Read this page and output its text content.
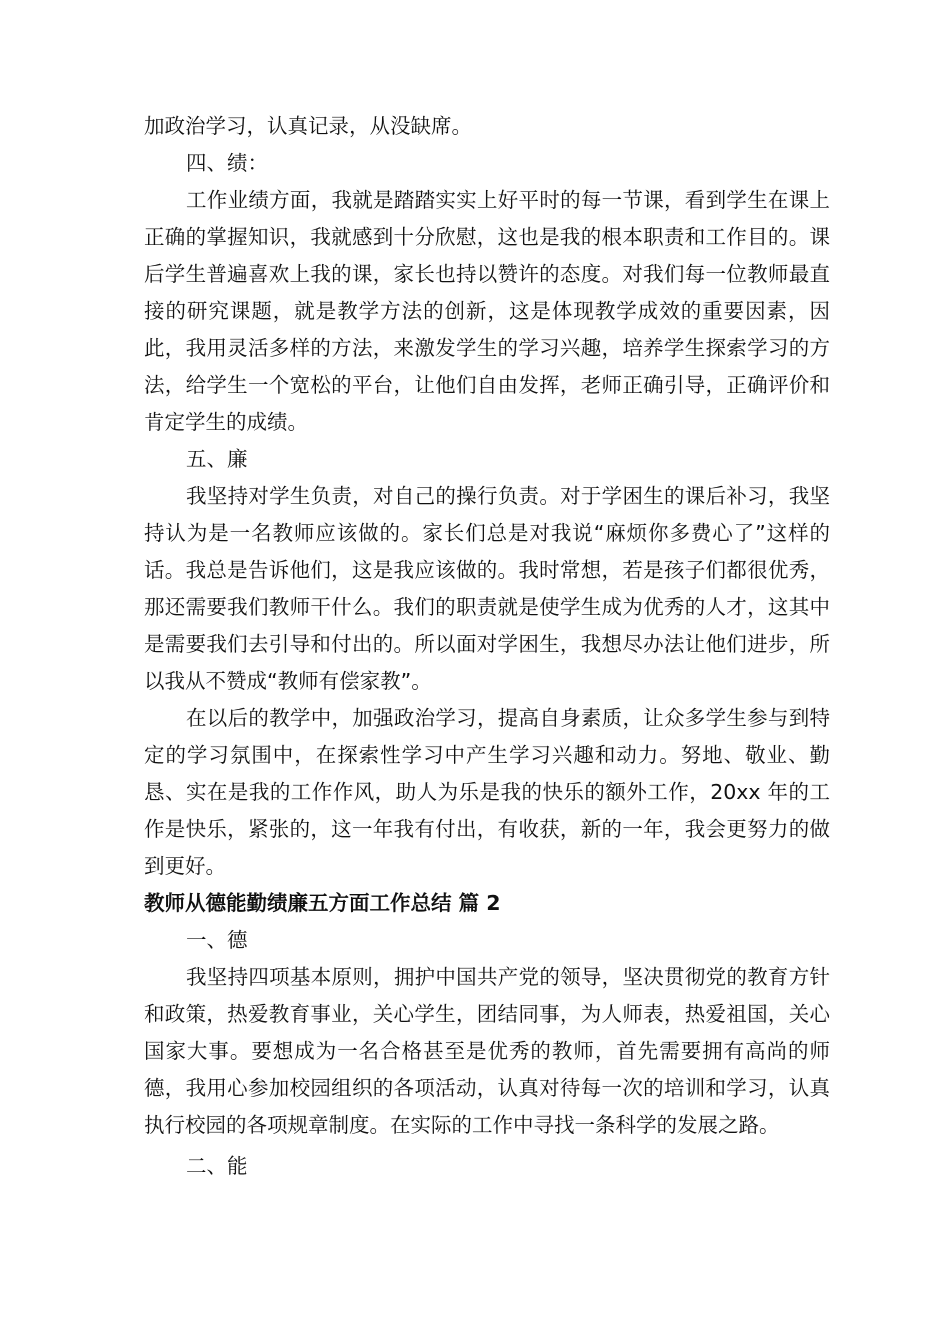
加政治学习，认真记录，从没缺席。

四、绩：

工作业绩方面，我就是踏踏实实上好平时的每一节课，看到学生在课上正确的掌握知识，我就感到十分欣慰，这也是我的根本职责和工作目的。课后学生普遍喜欢上我的课，家长也持以赞许的态度。对我们每一位教师最直接的研究课题，就是教学方法的创新，这是体现教学成效的重要因素，因此，我用灵活多样的方法，来激发学生的学习兴趣，培养学生探索学习的方法，给学生一个宽松的平台，让他们自由发挥，老师正确引导，正确评价和肯定学生的成绩。

五、廉

我坚持对学生负责，对自己的操行负责。对于学困生的课后补习，我坚持认为是一名教师应该做的。家长们总是对我说“麻烦你多费心了”这样的话。我总是告诉他们，这是我应该做的。我时常想，若是孩子们都很优秀，那还需要我们教师干什么。我们的职责就是使学生成为优秀的人才，这其中是需要我们去引导和付出的。所以面对学困生，我想尽办法让他们进步，所以我从不赞成“教师有偿家教”。

在以后的教学中，加强政治学习，提高自身素质，让众多学生参与到特定的学习氛围中，在探索性学习中产生学习兴趣和动力。努地、敬业、勤恳、实在是我的工作作风，助人为乐是我的快乐的额外工作，20xx 年的工作是快乐，紧张的，这一年我有付出，有收获，新的一年，我会更努力的做到更好。

教师从德能勤绩廉五方面工作总结 篇 2

一、德

我坚持四项基本原则，拥护中国共产党的领导，坚决贯彻党的教育方针和政策，热爱教育事业，关心学生，团结同事，为人师表，热爱祖国，关心国家大事。要想成为一名合格甚至是优秀的教师，首先需要拥有高尚的师德，我用心参加校园组织的各项活动，认真对待每一次的培训和学习，认真执行校园的各项规章制度。在实际的工作中寻找一条科学的发展之路。

二、能
